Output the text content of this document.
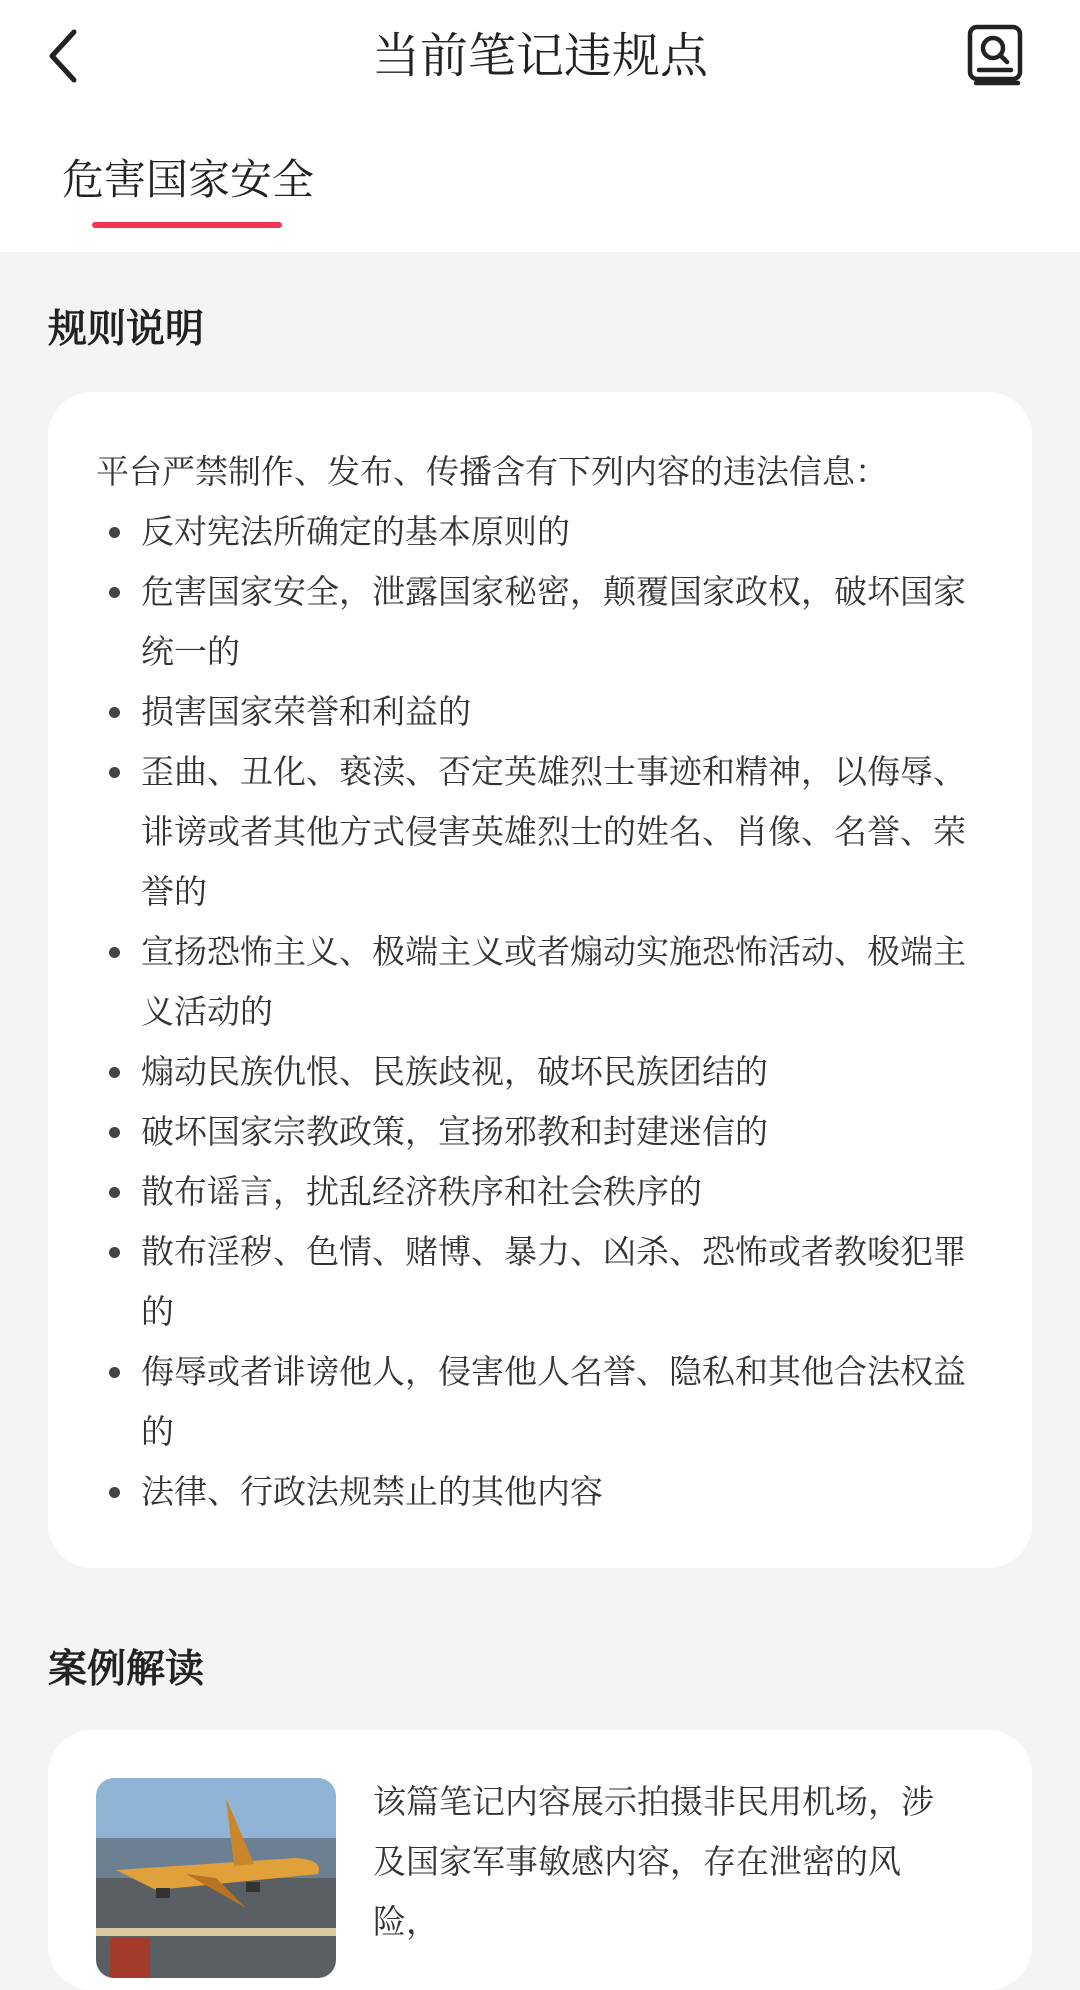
当前笔记违规点
危害国家安全
规则说明
平台严禁制作、发布、传播含有下列内容的违法信息：
反对宪法所确定的基本原则的
危害国家安全，泄露国家秘密，颠覆国家政权，破坏国家统一的
损害国家荣誉和利益的
歪曲、丑化、亵渎、否定英雄烈士事迹和精神，以侮辱、诽谤或者其他方式侵害英雄烈士的姓名、肖像、名誉、荣誉的
宣扬恐怖主义、极端主义或者煽动实施恐怖活动、极端主义活动的
煽动民族仇恨、民族歧视，破坏民族团结的
破坏国家宗教政策，宣扬邪教和封建迷信的
散布谣言，扰乱经济秩序和社会秩序的
散布淫秽、色情、赌博、暴力、凶杀、恐怖或者教唆犯罪的
侮辱或者诽谤他人，侵害他人名誉、隐私和其他合法权益的
法律、行政法规禁止的其他内容
案例解读
该篇笔记内容展示拍摄非民用机场，涉及国家军事敏感内容，存在泄密的风险，
